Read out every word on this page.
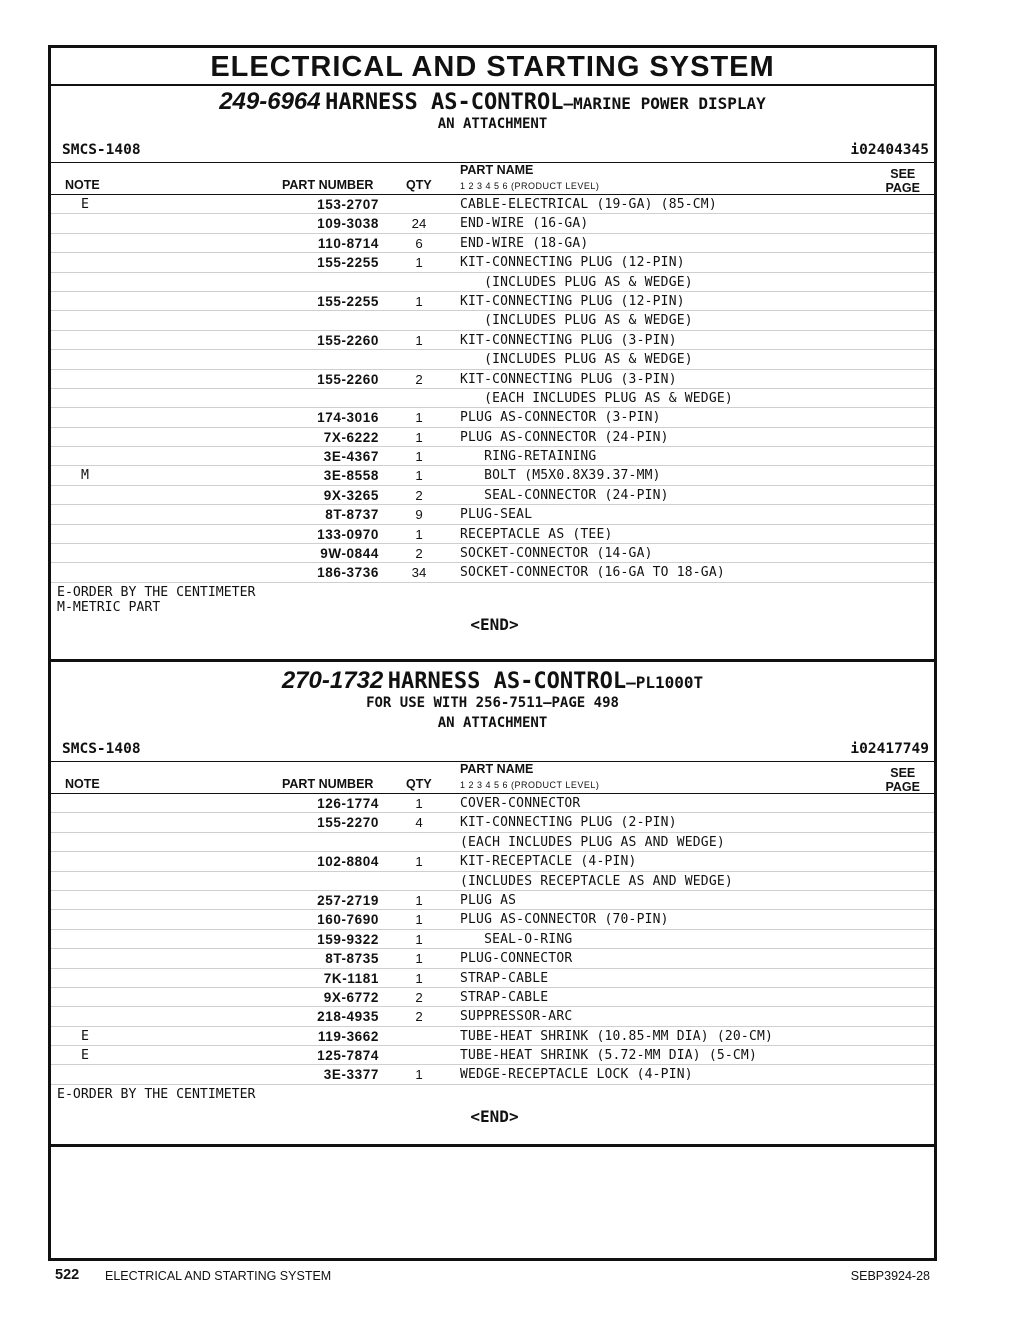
ELECTRICAL AND STARTING SYSTEM
249-6964 HARNESS AS-CONTROL—MARINE POWER DISPLAY
AN ATTACHMENT
SMCS-1408	i02404345
NOTE	PART NUMBER	QTY
PART NAME
1 2 3 4 5 6 (PRODUCT LEVEL)
SEE
PAGE
E	153-2707	CABLE-ELECTRICAL (19-GA) (85-CM)
109-3038	24	END-WIRE (16-GA)
110-8714	6	END-WIRE (18-GA)
155-2255	1	KIT-CONNECTING PLUG (12-PIN)
(INCLUDES PLUG AS & WEDGE)
155-2255	1	KIT-CONNECTING PLUG (12-PIN)
(INCLUDES PLUG AS & WEDGE)
155-2260	1	KIT-CONNECTING PLUG (3-PIN)
(INCLUDES PLUG AS & WEDGE)
155-2260	2	KIT-CONNECTING PLUG (3-PIN)
(EACH INCLUDES PLUG AS & WEDGE)
174-3016	1	PLUG AS-CONNECTOR (3-PIN)
7X-6222	1	PLUG AS-CONNECTOR (24-PIN)
3E-4367	1	RING-RETAINING
M	3E-8558	1	BOLT (M5X0.8X39.37-MM)
9X-3265	2	SEAL-CONNECTOR (24-PIN)
8T-8737	9	PLUG-SEAL
133-0970	1	RECEPTACLE AS (TEE)
9W-0844	2	SOCKET-CONNECTOR (14-GA)
186-3736	34	SOCKET-CONNECTOR (16-GA TO 18-GA)
E-ORDER BY THE CENTIMETER
M-METRIC PART
<END>
270-1732 HARNESS AS-CONTROL—PL1000T
FOR USE WITH 256-7511—PAGE 498
AN ATTACHMENT
SMCS-1408	i02417749
NOTE	PART NUMBER	QTY
PART NAME
1 2 3 4 5 6 (PRODUCT LEVEL)
SEE
PAGE
126-1774	1	COVER-CONNECTOR
155-2270	4	KIT-CONNECTING PLUG (2-PIN)
(EACH INCLUDES PLUG AS AND WEDGE)
102-8804	1	KIT-RECEPTACLE (4-PIN)
(INCLUDES RECEPTACLE AS AND WEDGE)
257-2719	1	PLUG AS
160-7690	1	PLUG AS-CONNECTOR (70-PIN)
159-9322	1	SEAL-O-RING
8T-8735	1	PLUG-CONNECTOR
7K-1181	1	STRAP-CABLE
9X-6772	2	STRAP-CABLE
218-4935	2	SUPPRESSOR-ARC
E	119-3662	TUBE-HEAT SHRINK (10.85-MM DIA) (20-CM)
E	125-7874	TUBE-HEAT SHRINK (5.72-MM DIA) (5-CM)
3E-3377	1	WEDGE-RECEPTACLE LOCK (4-PIN)
E-ORDER BY THE CENTIMETER
<END>
522 ELECTRICAL AND STARTING SYSTEM	SEBP3924-28
